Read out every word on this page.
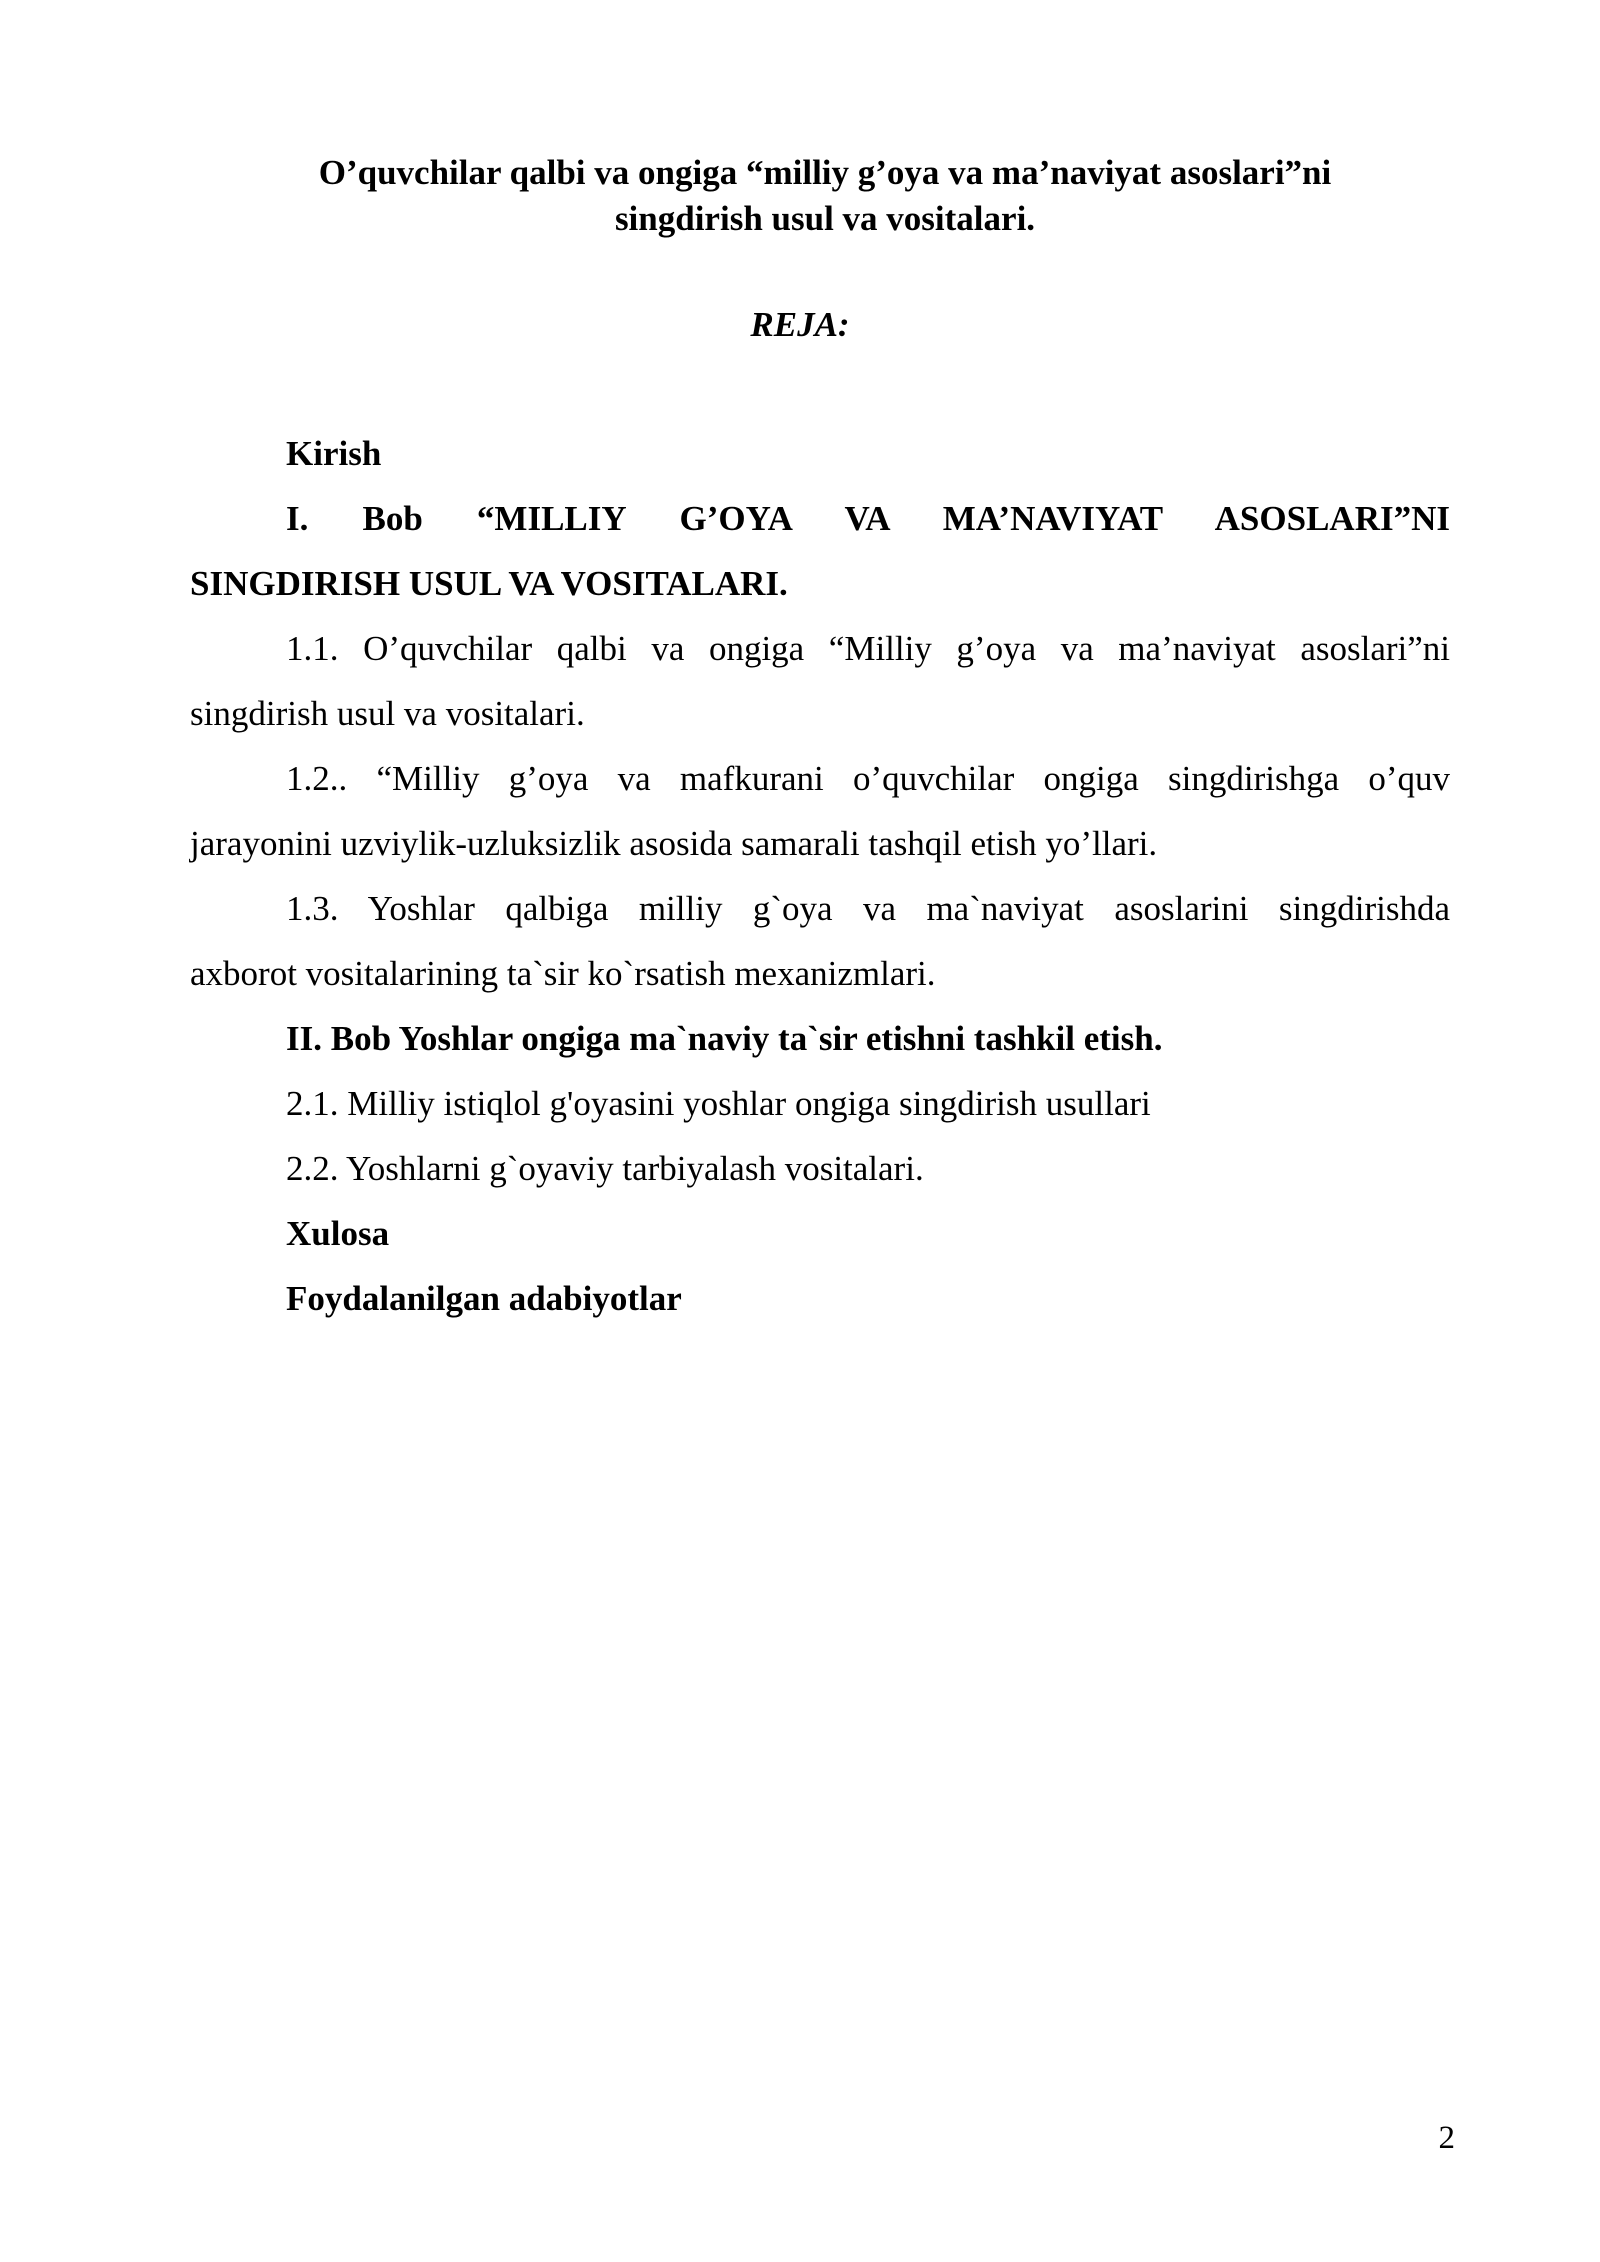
O’quvchilar qalbi va ongiga “milliy g’oya va ma’naviyat asoslari”ni
singdirish usul va vositalari.

REJA:

Kirish
I. Bob “MILLIY G’OYA VA MA’NAVIYAT ASOSLARI”NI
SINGDIRISH USUL VA VOSITALARI.
1.1. O’quvchilar qalbi va ongiga “Milliy g’oya va ma’naviyat asoslari”ni
singdirish usul va vositalari.
1.2.. “Milliy g’oya va mafkurani o’quvchilar ongiga singdirishga o’quv
jarayonini uzviylik-uzluksizlik asosida samarali tashqil etish yo’llari.
1.3. Yoshlar qalbiga milliy g`oya va ma`naviyat asoslarini singdirishda
axborot vositalarining ta`sir ko`rsatish mexanizmlari.
II. Bob Yoshlar ongiga ma`naviy ta`sir etishni tashkil etish.
2.1. Milliy istiqlol g'oyasini yoshlar ongiga singdirish usullari
2.2. Yoshlarni g`oyaviy tarbiyalash vositalari.
Xulosa
Foydalanilgan adabiyotlar
2
